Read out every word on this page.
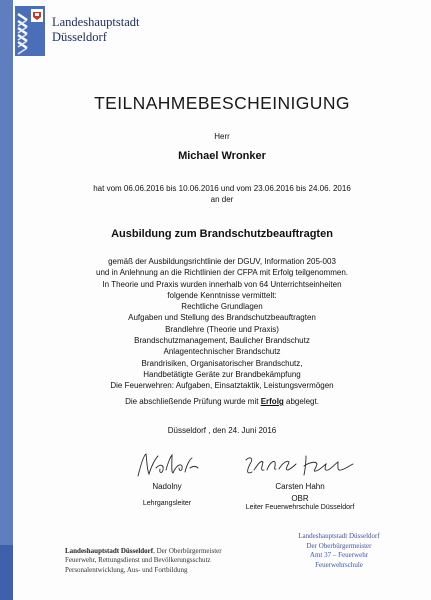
Landeshauptstadt
Düsseldorf
TEILNAHMEBESCHEINIGUNG
Herr
Michael Wronker
hat vom 06.06.2016 bis 10.06.2016 und vom 23.06.2016 bis 24.06. 2016
an der
Ausbildung zum Brandschutzbeauftragten
gemäß der Ausbildungsrichtlinie der DGUV, Information 205-003
und in Anlehnung an die Richtlinien der CFPA mit Erfolg teilgenommen.
In Theorie und Praxis wurden innerhalb von 64 Unterrichtseinheiten
folgende Kenntnisse vermittelt:
Rechtliche Grundlagen
Aufgaben und Stellung des Brandschutzbeauftragten
Brandlehre (Theorie und Praxis)
Brandschutzmanagement, Baulicher Brandschutz
Anlagentechnischer Brandschutz
Brandrisiken, Organisatorischer Brandschutz,
Handbetätigte Geräte zur Brandbekämpfung
Die Feuerwehren: Aufgaben, Einsatztaktik, Leistungsvermögen
Die abschließende Prüfung wurde mit Erfolg abgelegt.
Düsseldorf , den 24. Juni 2016
Nadolny
Lehrgangsleiter
Carsten Hahn
OBR
Leiter Feuerwehrschule Düsseldorf
Landeshauptstadt Düsseldorf, Der Oberbürgermeister
Feuerwehr, Rettungsdienst und Bevölkerungsschutz
Personalentwicklung, Aus- und Fortbildung
Landeshauptstadt Düsseldorf
Der Oberbürgermeister
Amt 37 – Feuerwehr
Feuerwehrschule
